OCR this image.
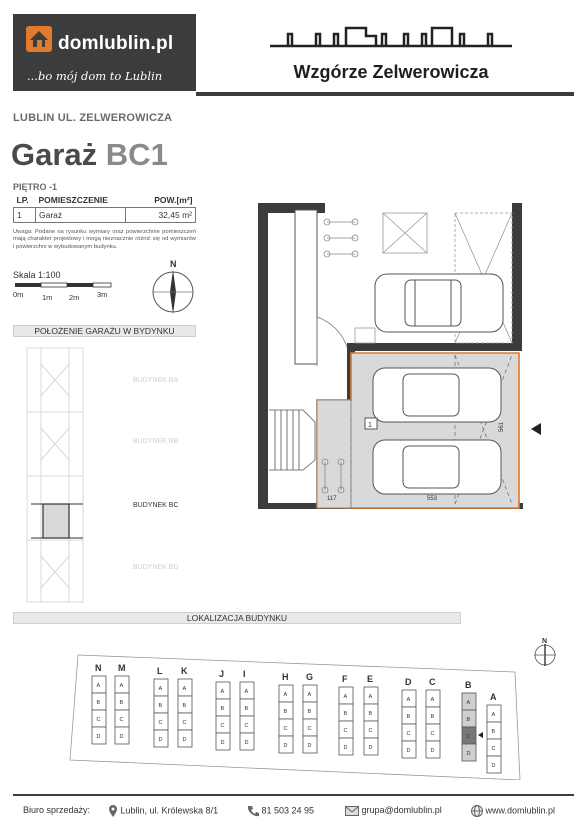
domlublin.pl
...bo mój dom to Lublin	Wzgórze Zelwerowicza
LUBLIN UL. ZELWEROWICZA
Garaż BC1
PIĘTRO -1
LP.	POMIESZCZENIE	POW.[m²]
1	Garaż	32,45 m²
Uwaga: Podane na rysunku wymiary oraz powierzchnie pomieszczeń mają charakter projektowy i mogą nieznacznie różnić się od wymiarów i powierzchni w wybudowanym budynku.
Skala 1:100
0m 1m 2m 3m
N
POŁOŻENIE GARAŻU W BYDYNKU
BUDYNEK BA
BUDYNEK BB
BUDYNEK BC
BUDYNEK BD
1
117	553
561
LOKALIZACJA BUDYNKU
N
A
B
C
D
A
B
C
D
A
B
C
D
A
B
C
D
A
B
C
D
A
B
C
D
A
B
C
D
A
B
C
D
A
B
C
D
A
B
C
D
A
B
C
D
A
B
C
D
A
B
C
D
A
B
C
D
N M	L K	J I	H G	F E	D C	B
A
Biuro sprzedaży:	Lublin, ul. Królewska 8/1	81 503 24 95	grupa@domlublin.pl	www.domlublin.pl
